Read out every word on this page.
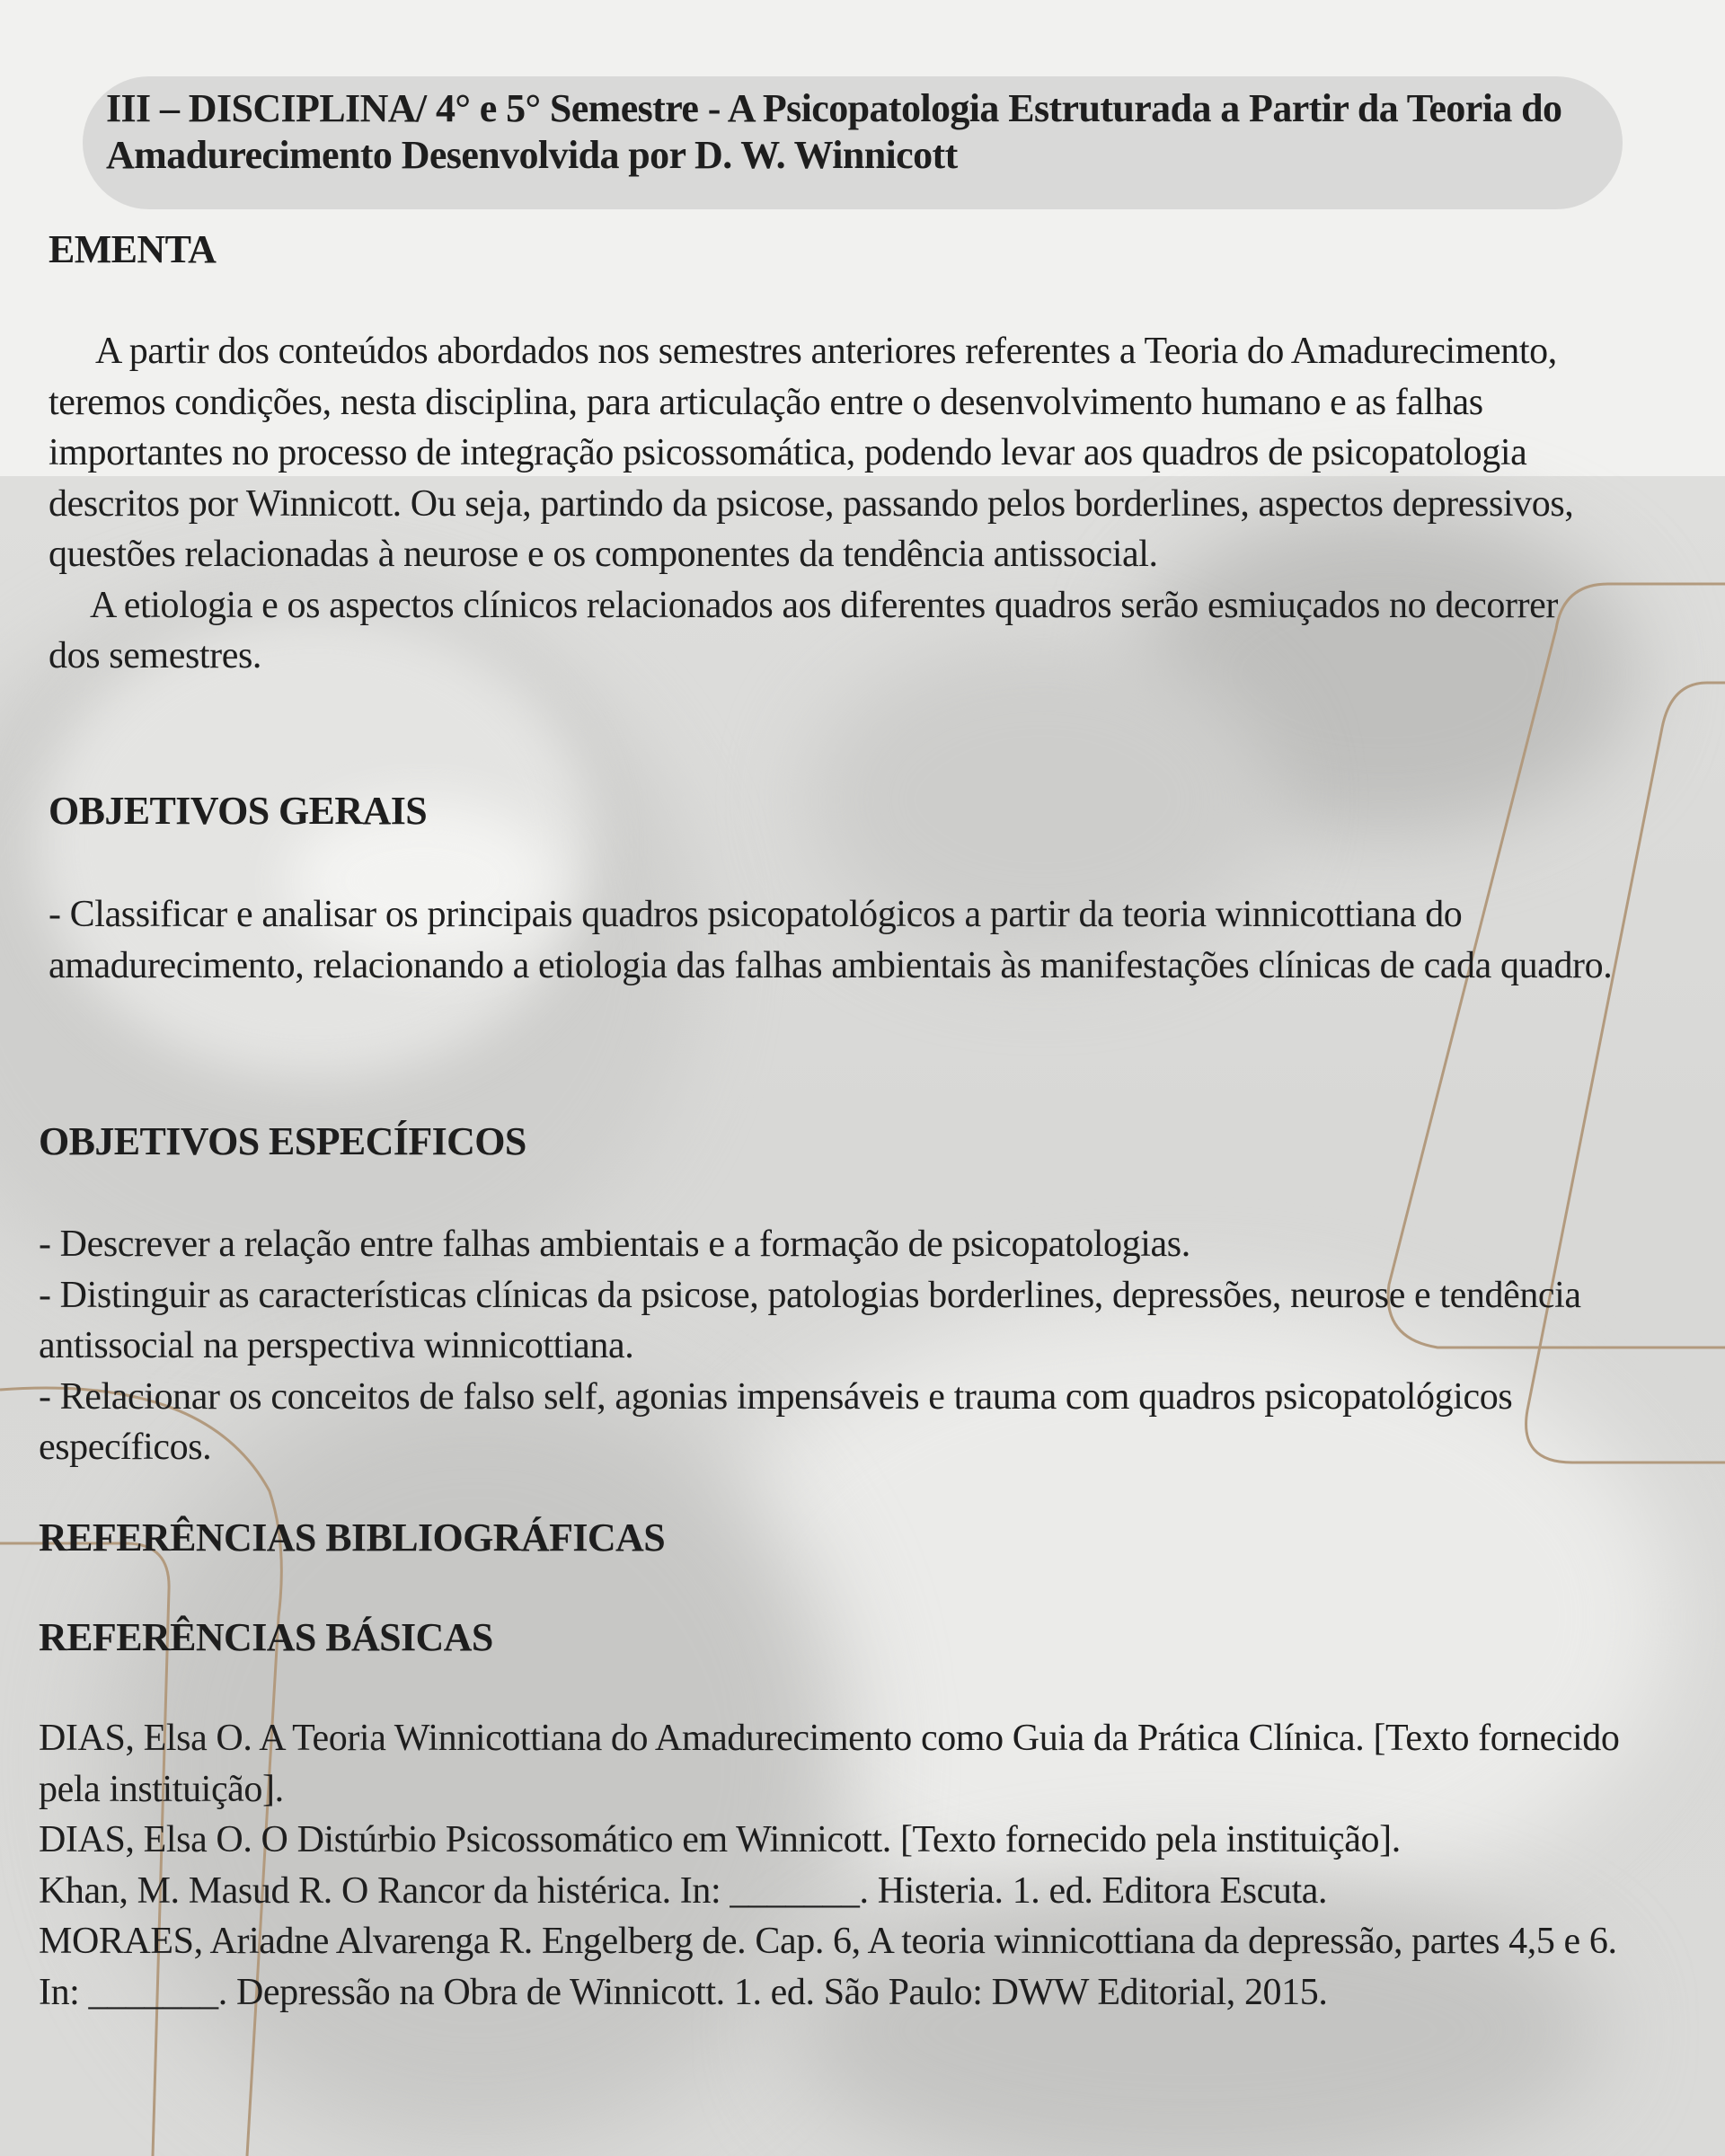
III – DISCIPLINA/ 4° e 5° Semestre - A Psicopatologia Estruturada a Partir da Teoria do Amadurecimento Desenvolvida por D. W. Winnicott
EMENTA
A partir dos conteúdos abordados nos semestres anteriores referentes a Teoria do Amadurecimento, teremos condições, nesta disciplina, para articulação entre o desenvolvimento humano e as falhas importantes no processo de integração psicossomática, podendo levar aos quadros de psicopatologia descritos por Winnicott. Ou seja, partindo da psicose, passando pelos borderlines, aspectos depressivos, questões relacionadas à neurose e os componentes da tendência antissocial.
A etiologia e os aspectos clínicos relacionados aos diferentes quadros serão esmiuçados no decorrer dos semestres.
OBJETIVOS GERAIS

- Classificar e analisar os principais quadros psicopatológicos a partir da teoria winnicottiana do amadurecimento, relacionando a etiologia das falhas ambientais às manifestações clínicas de cada quadro.

OBJETIVOS ESPECÍFICOS
- Descrever a relação entre falhas ambientais e a formação de psicopatologias.
- Distinguir as características clínicas da psicose, patologias borderlines, depressões, neurose e tendência antissocial na perspectiva winnicottiana.
- Relacionar os conceitos de falso self, agonias impensáveis e trauma com quadros psicopatológicos específicos.
REFERÊNCIAS BIBLIOGRÁFICAS
REFERÊNCIAS BÁSICAS
DIAS, Elsa O. A Teoria Winnicottiana do Amadurecimento como Guia da Prática Clínica. [Texto fornecido pela instituição].
DIAS, Elsa O. O Distúrbio Psicossomático em Winnicott. [Texto fornecido pela instituição].
Khan, M. Masud R. O Rancor da histérica. In: _______. Histeria. 1. ed. Editora Escuta.
MORAES, Ariadne Alvarenga R. Engelberg de. Cap. 6, A teoria winnicottiana da depressão, partes 4,5 e 6. In: _______. Depressão na Obra de Winnicott. 1. ed. São Paulo: DWW Editorial, 2015.
